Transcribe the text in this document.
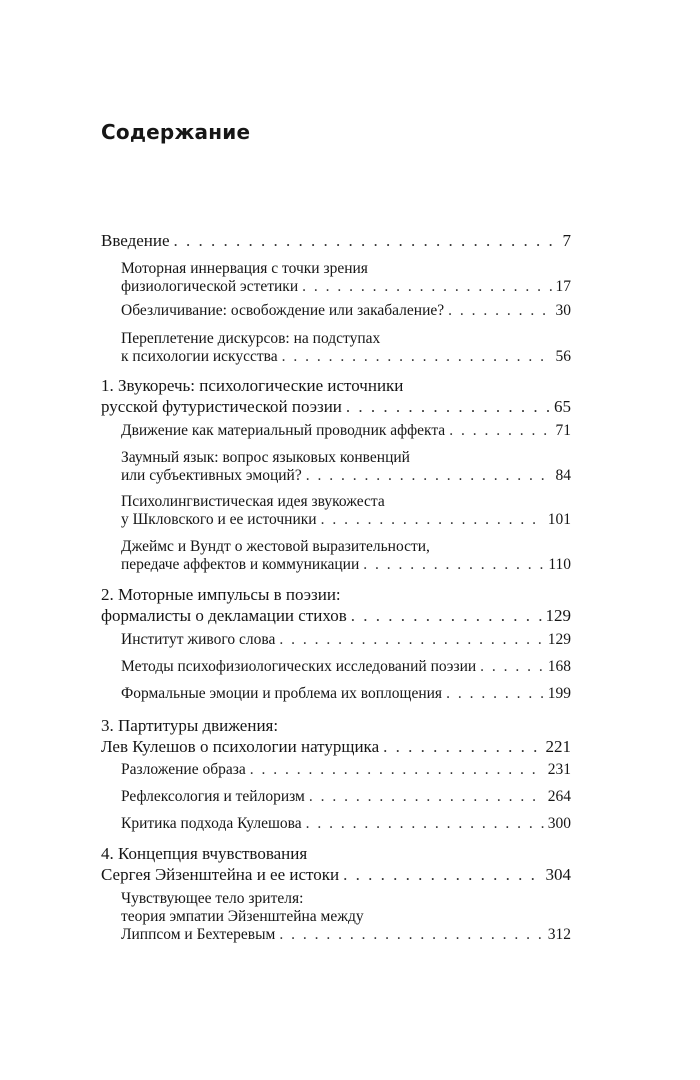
Содержание
Введение . . .	7
Моторная иннервация с точки зрения
физиологической эстетики . . .	17
Обезличивание: освобождение или закабаление? . . .	30
Переплетение дискурсов: на подступах
к психологии искусства . . .	56
1. Звукоречь: психологические источники
русской футуристической поэзии . . .	65
Движение как материальный проводник аффекта . . .	71
Заумный язык: вопрос языковых конвенций
или субъективных эмоций? . . .	84
Психолингвистическая идея звукожеста
у Шкловского и ее источники . . .	101
Джеймс и Вундт о жестовой выразительности,
передаче аффектов и коммуникации . . .	110
2. Моторные импульсы в поэзии:
формалисты о декламации стихов . . .	129
Институт живого слова . . .	129
Методы психофизиологических исследований поэзии . . .	168
Формальные эмоции и проблема их воплощения . . .	199
3. Партитуры движения:
Лев Кулешов о психологии натурщика . . .	221
Разложение образа . . .	231
Рефлексология и тейлоризм . . .	264
Критика подхода Кулешова . . .	300
4. Концепция вчувствования
Сергея Эйзенштейна и ее истоки . . .	304
Чувствующее тело зрителя:
теория эмпатии Эйзенштейна между
Липпсом и Бехтеревым . . .	312
